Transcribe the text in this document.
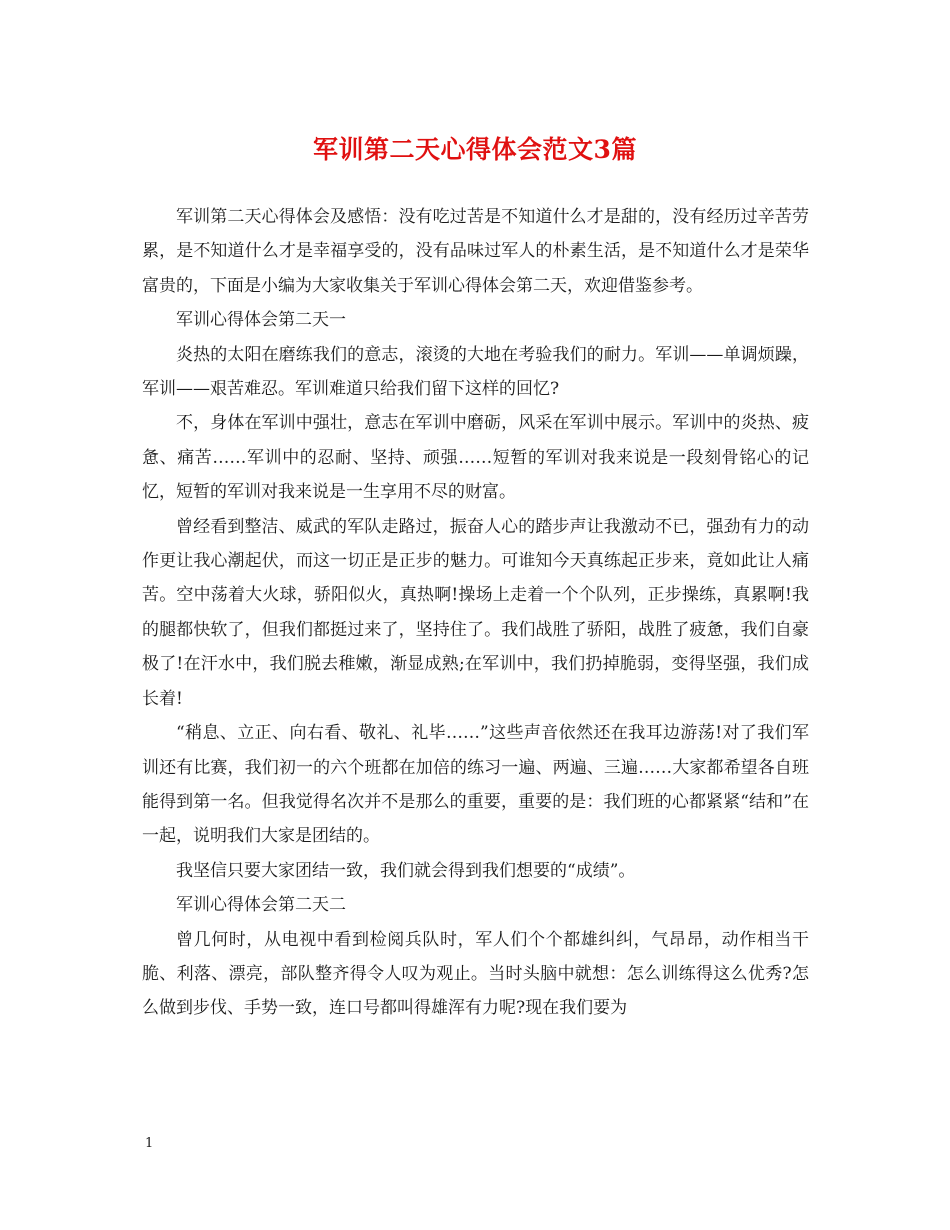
军训第二天心得体会范文3篇

军训第二天心得体会及感悟：没有吃过苦是不知道什么才是甜的，没有经历过辛苦劳累，是不知道什么才是幸福享受的，没有品味过军人的朴素生活，是不知道什么才是荣华富贵的，下面是小编为大家收集关于军训心得体会第二天，欢迎借鉴参考。

军训心得体会第二天一

炎热的太阳在磨练我们的意志，滚烫的大地在考验我们的耐力。军训——单调烦躁，军训——艰苦难忍。军训难道只给我们留下这样的回忆?

不，身体在军训中强壮，意志在军训中磨砺，风采在军训中展示。军训中的炎热、疲惫、痛苦……军训中的忍耐、坚持、顽强……短暂的军训对我来说是一段刻骨铭心的记忆，短暂的军训对我来说是一生享用不尽的财富。

曾经看到整洁、威武的军队走路过，振奋人心的踏步声让我激动不已，强劲有力的动作更让我心潮起伏，而这一切正是正步的魅力。可谁知今天真练起正步来，竟如此让人痛苦。空中荡着大火球，骄阳似火，真热啊!操场上走着一个个队列，正步操练，真累啊!我的腿都快软了，但我们都挺过来了，坚持住了。我们战胜了骄阳，战胜了疲惫，我们自豪极了!在汗水中，我们脱去稚嫩，渐显成熟;在军训中，我们扔掉脆弱，变得坚强，我们成长着!

“稍息、立正、向右看、敬礼、礼毕……”这些声音依然还在我耳边游荡!对了我们军训还有比赛，我们初一的六个班都在加倍的练习一遍、两遍、三遍……大家都希望各自班能得到第一名。但我觉得名次并不是那么的重要，重要的是：我们班的心都紧紧“结和”在一起，说明我们大家是团结的。

我坚信只要大家团结一致，我们就会得到我们想要的“成绩”。

军训心得体会第二天二

曾几何时，从电视中看到检阅兵队时，军人们个个都雄纠纠，气昂昂，动作相当干脆、利落、漂亮，部队整齐得令人叹为观止。当时头脑中就想：怎么训练得这么优秀?怎么做到步伐、手势一致，连口号都叫得雄浑有力呢?现在我们要为

1
